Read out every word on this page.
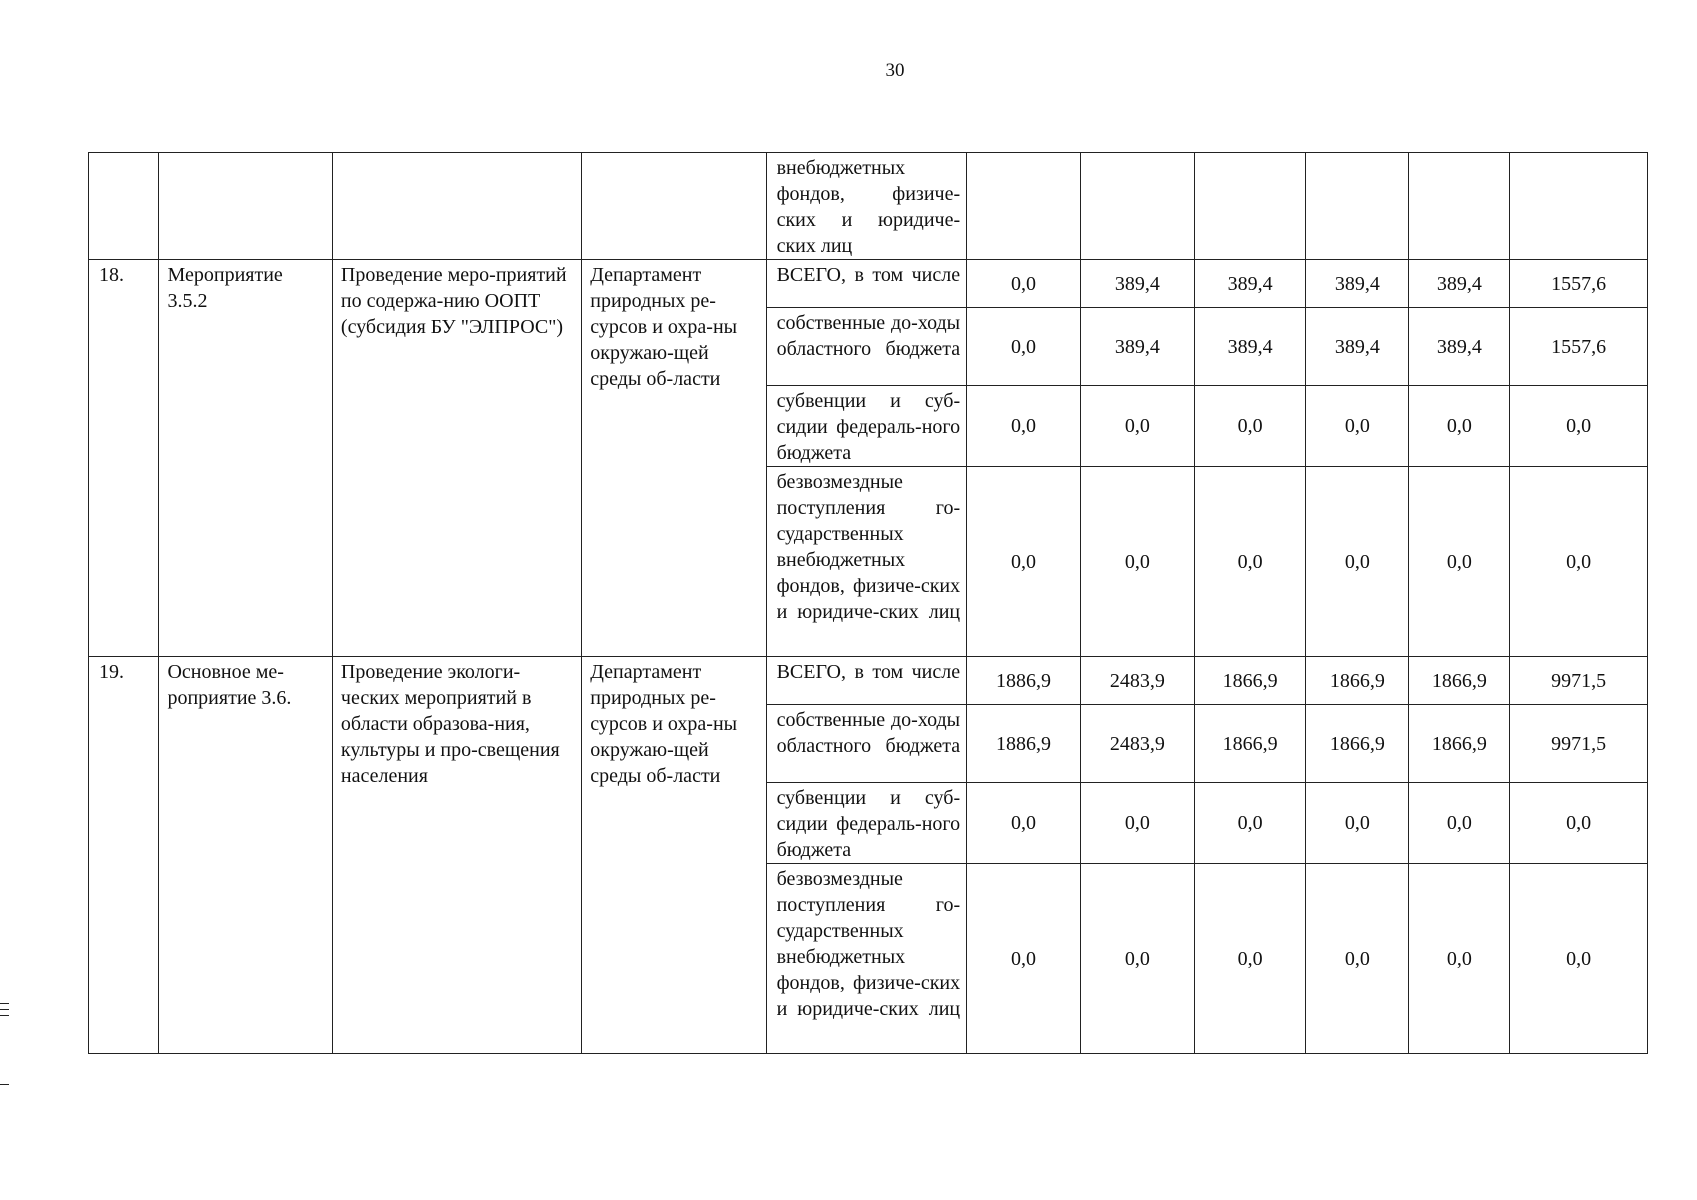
30
				внебюджетных
фондов, физиче-
ских и юридиче-

ских лиц						

18.	Мероприятие 3.5.2	Проведение меро-приятий по содержа-нию ООПТ (субсидия БУ "ЭЛПРОС")	Департамент природных ре-сурсов и охра-ны окружаю-щей среды об-ласти	ВСЕГО, в том числе	0,0	389,4	389,4	389,4	389,4	1557,6
				собственные до-ходы областного бюджета	0,0	389,4	389,4	389,4	389,4	1557,6
				субвенции и суб-сидии федераль-ного бюджета	0,0	0,0	0,0	0,0	0,0	0,0
				безвозмездные поступления го-сударственных внебюджетных фондов, физиче-ских и юридиче-ских лиц	0,0	0,0	0,0	0,0	0,0	0,0
19.	Основное ме-роприятие 3.6.	Проведение экологи-ческих мероприятий в области образова-ния, культуры и про-свещения населения	Департамент природных ре-сурсов и охра-ны окружаю-щей среды об-ласти	ВСЕГО, в том числе	1886,9	2483,9	1866,9	1866,9	1866,9	9971,5
				собственные до-ходы областного бюджета	1886,9	2483,9	1866,9	1866,9	1866,9	9971,5
				субвенции и суб-сидии федераль-ного бюджета	0,0	0,0	0,0	0,0	0,0	0,0
				безвозмездные поступления го-сударственных внебюджетных фондов, физиче-ских и юридиче-ских лиц	0,0	0,0	0,0	0,0	0,0	0,0
